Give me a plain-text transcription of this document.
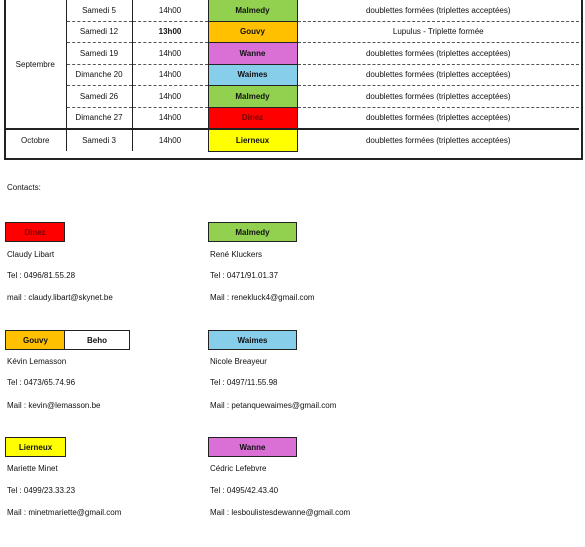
Septembre	Samedi 5	14h00	Malmedy	doublettes formées (triplettes acceptées)
	Samedi 12	13h00	Gouvy	Lupulus - Triplette formée
	Samedi 19	14h00	Wanne	doublettes formées (triplettes acceptées)
	Dimanche 20	14h00	Waimes	doublettes formées (triplettes acceptées)
	Samedi 26	14h00	Malmedy	doublettes formées (triplettes acceptées)
	Dimanche 27	14h00	Dinez	doublettes formées (triplettes acceptées)
Octobre	Samedi 3	14h00	Lierneux	doublettes formées (triplettes acceptées)
Contacts:
Dinez
Claudy Libart
Tel : 0496/81.55.28
mail : claudy.libart@skynet.be
Malmedy
René Kluckers
Tel : 0471/91.01.37
Mail : renekluck4@gmail.com
Gouvy	Beho
Kévin Lemasson
Tel : 0473/65.74.96
Mail : kevin@lemasson.be
Waimes
Nicole Breayeur
Tel : 0497/11.55.98
Mail : petanquewaimes@gmail.com
Lierneux
Mariette Minet
Tel : 0499/23.33.23
Mail : minetmariette@gmail.com
Wanne
Cédric Lefebvre
Tel : 0495/42.43.40
Mail : lesboulistesdewanne@gmail.com
